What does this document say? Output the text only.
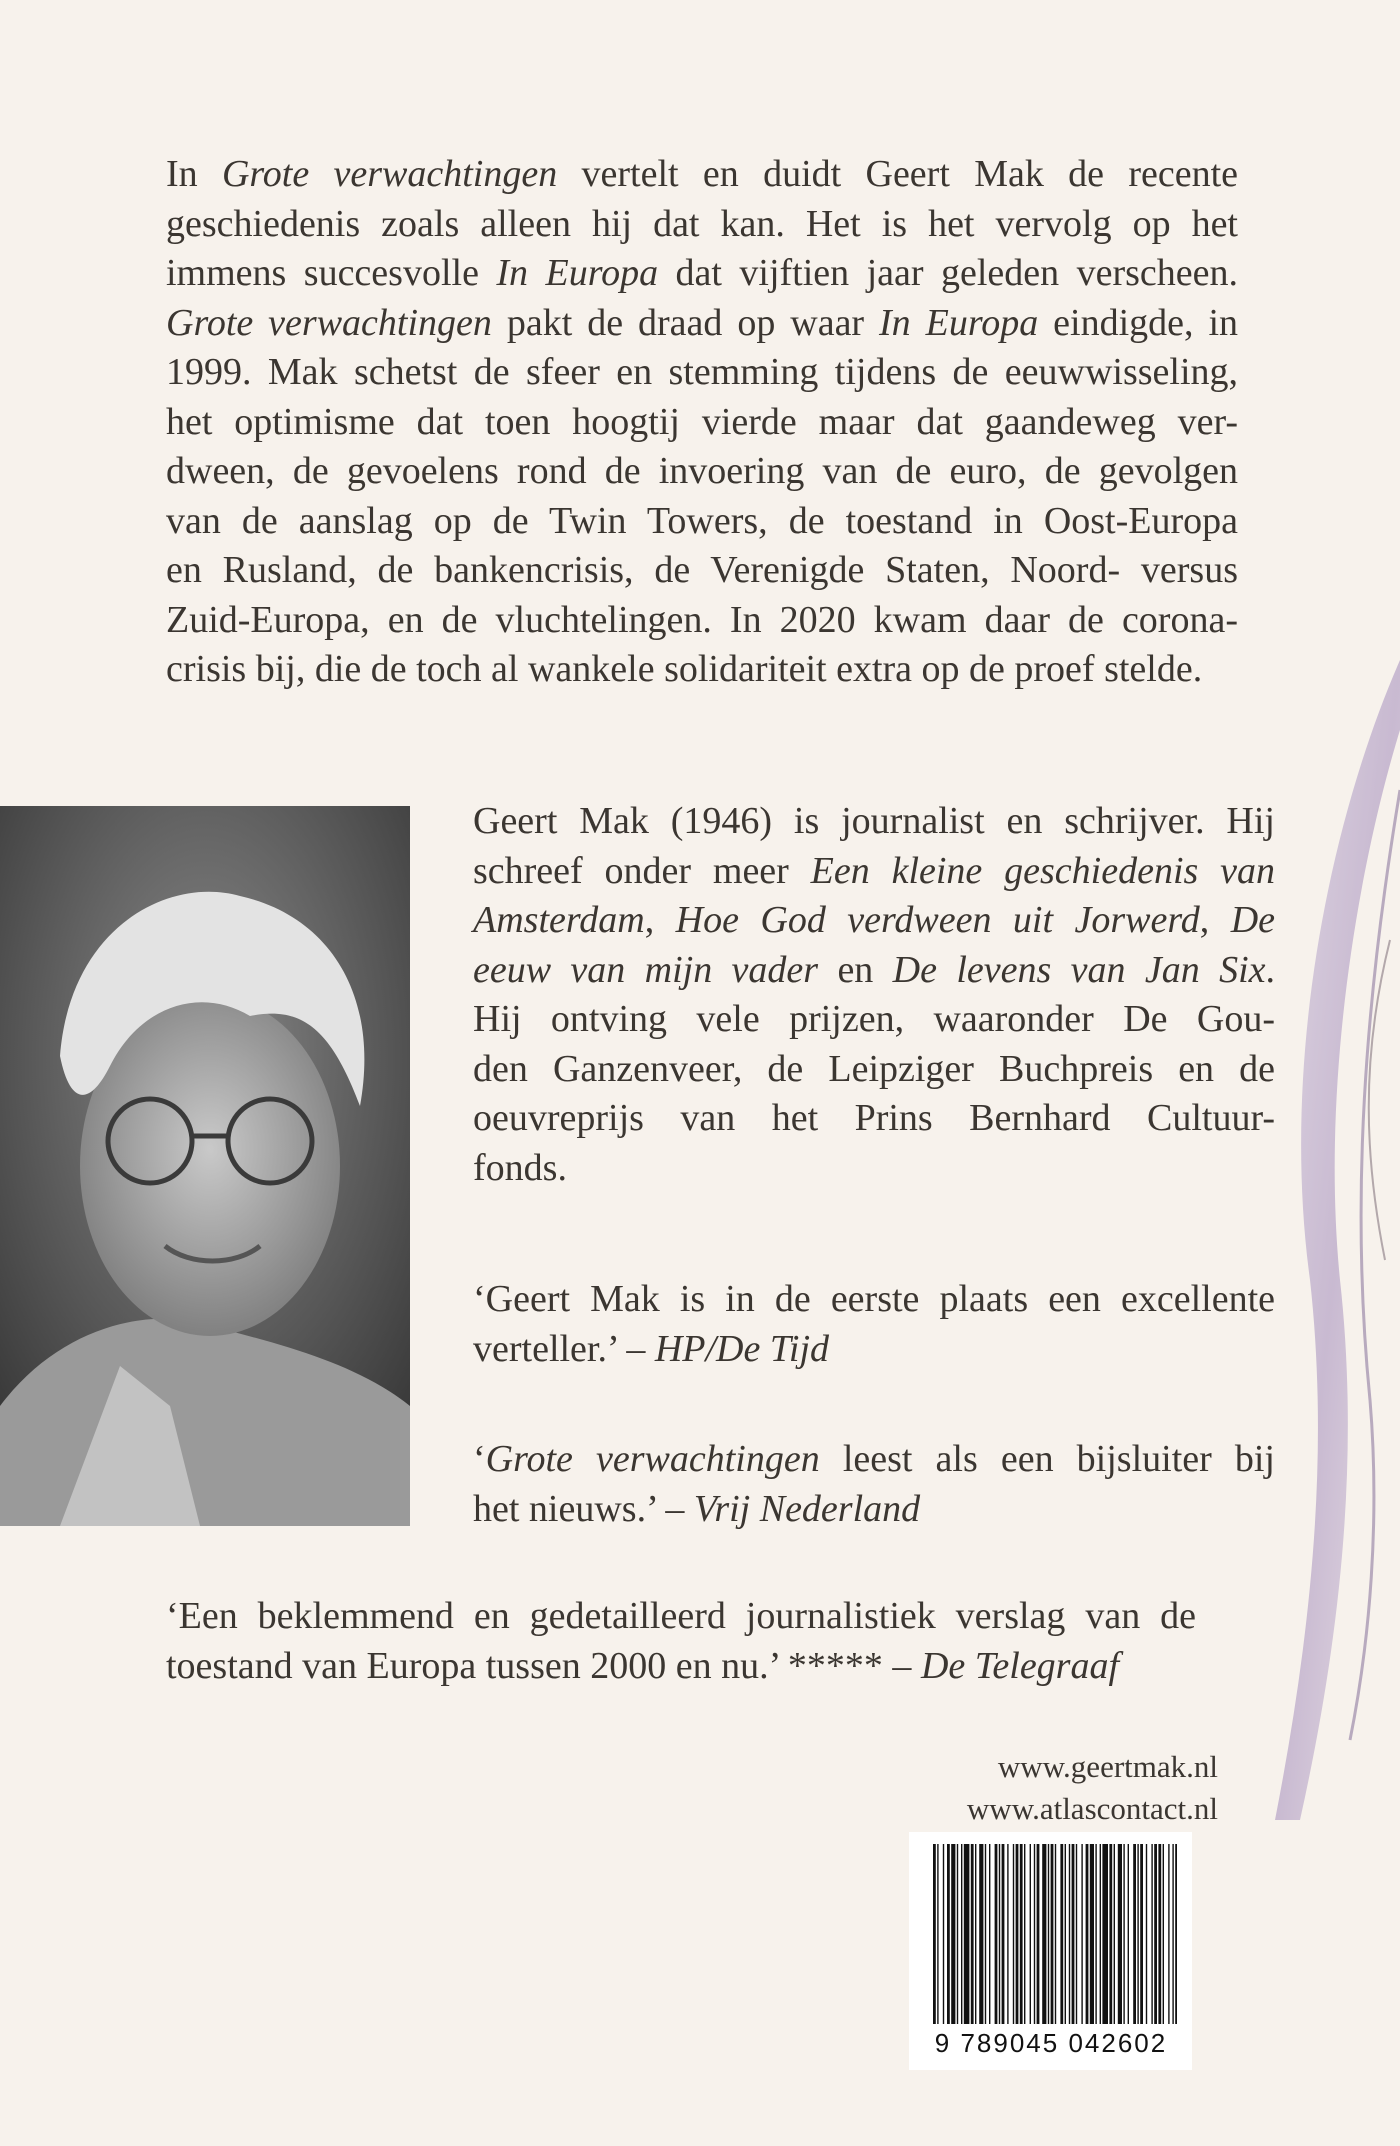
In Grote verwachtingen vertelt en duidt Geert Mak de recente
geschiedenis zoals alleen hij dat kan. Het is het vervolg op het
immens succesvolle In Europa dat vijftien jaar geleden verscheen.
Grote verwachtingen pakt de draad op waar In Europa eindigde, in
1999. Mak schetst de sfeer en stemming tijdens de eeuwwisseling,
het optimisme dat toen hoogtij vierde maar dat gaandeweg ver-
dween, de gevoelens rond de invoering van de euro, de gevolgen
van de aanslag op de Twin Towers, de toestand in Oost-Europa
en Rusland, de bankencrisis, de Verenigde Staten, Noord- versus
Zuid-Europa, en de vluchtelingen. In 2020 kwam daar de corona-
crisis bij, die de toch al wankele solidariteit extra op de proef stelde.
Geert Mak (1946) is journalist en schrijver. Hij
schreef onder meer Een kleine geschiedenis van
Amsterdam, Hoe God verdween uit Jorwerd, De
eeuw van mijn vader en De levens van Jan Six.
Hij ontving vele prijzen, waaronder De Gou-
den Ganzenveer, de Leipziger Buchpreis en de
oeuvreprijs van het Prins Bernhard Cultuur-
fonds.
‘Geert Mak is in de eerste plaats een excellente
verteller.’ – HP/De Tijd
‘Grote verwachtingen leest als een bijsluiter bij
het nieuws.’ – Vrij Nederland
‘Een beklemmend en gedetailleerd journalistiek verslag van de
toestand van Europa tussen 2000 en nu.’ ***** – De Telegraaf
www.geertmak.nl
www.atlascontact.nl
9 789045 042602
